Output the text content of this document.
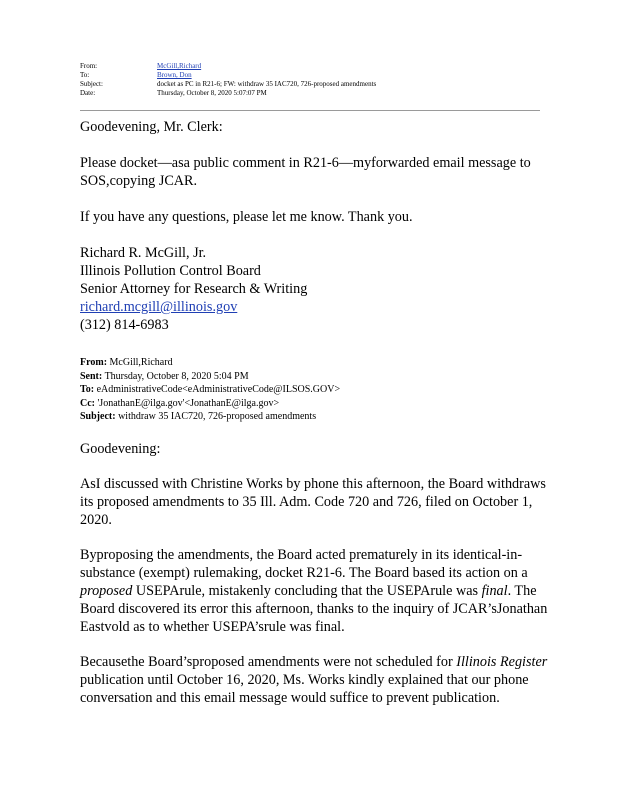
From:	McGill,Richard
To:	Brown, Don
Subject:	docket as PC in R21-6; FW: withdraw 35 IAC720, 726-proposed amendments
Date:	Thursday, October 8, 2020 5:07:07 PM

Goodevening, Mr. Clerk:

Please docket—asa public comment in R21-6—myforwarded email message to SOS,copying JCAR.

If you have any questions, please let me know. Thank you.

Richard R. McGill, Jr.

Illinois Pollution Control Board

Senior Attorney for Research & Writing

richard.mcgill@illinois.gov

(312) 814-6983

From: McGill,Richard

Sent: Thursday, October 8, 2020 5:04 PM

To: eAdministrativeCode<eAdministrativeCode@ILSOS.GOV>

Cc: 'JonathanE@ilga.gov'<JonathanE@ilga.gov>

Subject: withdraw 35 IAC720, 726-proposed amendments

Goodevening:

AsI discussed with Christine Works by phone this afternoon, the Board withdraws its proposed amendments to 35 Ill. Adm. Code 720 and 726, filed on October 1, 2020.

Byproposing the amendments, the Board acted prematurely in its identical-in-substance (exempt) rulemaking, docket R21-6. The Board based its action on a proposed USEPArule, mistakenly concluding that the USEPArule was final. The Board discovered its error this afternoon, thanks to the inquiry of JCAR’sJonathan Eastvold as to whether USEPA’srule was final.

Becausethe Board’sproposed amendments were not scheduled for Illinois Register publication until October 16, 2020, Ms. Works kindly explained that our phone conversation and this email message would suffice to prevent publication.
